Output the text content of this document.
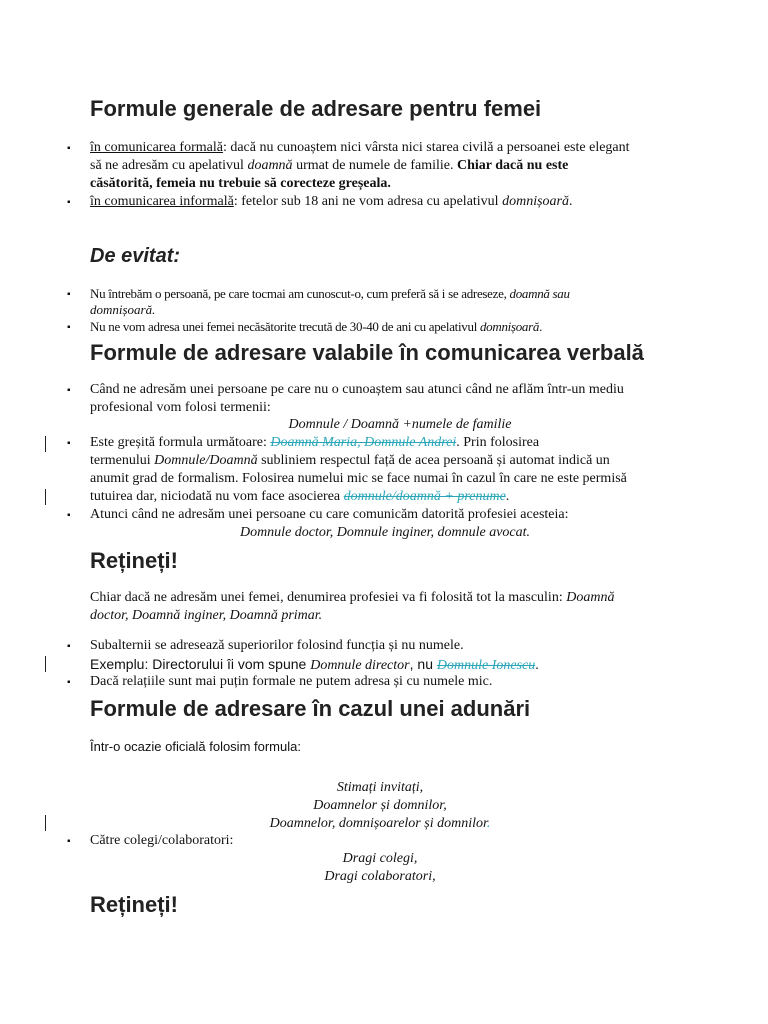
Formule generale de adresare pentru femei
▪ în comunicarea formală: dacă nu cunoaștem nici vârsta nici starea civilă a persoanei este elegant
să ne adresăm cu apelativul doamnă urmat de numele de familie. Chiar dacă nu este
căsătorită, femeia nu trebuie să corecteze greșeala.
▪ în comunicarea informală: fetelor sub 18 ani ne vom adresa cu apelativul domnișoară.
De evitat:
▪ Nu întrebăm o persoană, pe care tocmai am cunoscut-o, cum preferă să i se adreseze, doamnă sau
domnișoară.
▪ Nu ne vom adresa unei femei necăsătorite trecută de 30-40 de ani cu apelativul domnișoară.
Formule de adresare valabile în comunicarea verbală
▪ Când ne adresăm unei persoane pe care nu o cunoaștem sau atunci când ne aflăm într-un mediu
profesional vom folosi termenii:
Domnule / Doamnă +numele de familie
▪ Este greșită formula următoare: Doamnă Maria, Domnule Andrei. Prin folosirea
termenului Domnule/Doamnă subliniem respectul față de acea persoană și automat indică un
anumit grad de formalism. Folosirea numelui mic se face numai în cazul în care ne este permisă
tutuirea dar, niciodată nu vom face asocierea domnule/doamnă + prenume.
▪ Atunci când ne adresăm unei persoane cu care comunicăm datorită profesiei acesteia:
Domnule doctor, Domnule inginer, domnule avocat.
Rețineți!
Chiar dacă ne adresăm unei femei, denumirea profesiei va fi folosită tot la masculin: Doamnă
doctor, Doamnă inginer, Doamnă primar.
▪ Subalternii se adresează superiorilor folosind funcția și nu numele.
Exemplu: Directorului îi vom spune Domnule director, nu Domnule Ionescu.
▪ Dacă relațiile sunt mai puțin formale ne putem adresa și cu numele mic.
Formule de adresare în cazul unei adunări
Într-o ocazie oficială folosim formula:
Stimați invitați,
Doamnelor și domnilor,
Doamnelor, domnișoarelor și domnilor.
▪ Către colegi/colaboratori:
Dragi colegi,
Dragi colaboratori,
Rețineți!
